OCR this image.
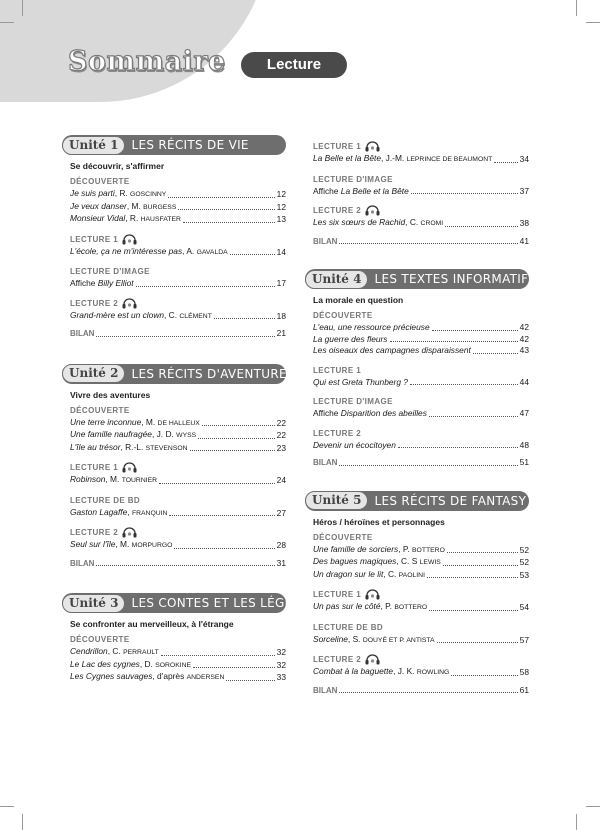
Sommaire	Lecture
Unité 1	LES RÉCITS DE VIE
Se découvrir, s'affirmer
DÉCOUVERTE
Je suis parti, R. GOSCINNY	12
Je veux danser, M. BURGESS	12
Monsieur Vidal, R. HAUSFATER	13
LECTURE 1
L'école, ça ne m'intéresse pas, A. GAVALDA	14
LECTURE D'IMAGE
Affiche Billy Elliot	17
LECTURE 2
Grand-mère est un clown, C. CLÉMENT	18
BILAN	21
Unité 2	LES RÉCITS D'AVENTURES
Vivre des aventures
DÉCOUVERTE
Une terre inconnue, M. DE HALLEUX	22
Une famille naufragée, J. D. WYSS	22
L'île au trésor, R.-L. STEVENSON	23
LECTURE 1
Robinson, M. TOURNIER	24
LECTURE DE BD
Gaston Lagaffe, FRANQUIN	27
LECTURE 2
Seul sur l'île, M. MORPURGO	28
BILAN	31
Unité 3	LES CONTES ET LES LÉGENDES
Se confronter au merveilleux, à l'étrange
DÉCOUVERTE
Cendrillon, C. PERRAULT	32
Le Lac des cygnes, D. SOROKINE	32
Les Cygnes sauvages, d'après ANDERSEN	33
LECTURE 1
La Belle et la Bête, J.-M. LEPRINCE DE BEAUMONT	34
LECTURE D'IMAGE
Affiche La Belle et la Bête	37
LECTURE 2
Les six sœurs de Rachid, C. CROMI	38
BILAN	41
Unité 4	LES TEXTES INFORMATIFS
La morale en question
DÉCOUVERTE
L'eau, une ressource précieuse	42
La guerre des fleurs	42
Les oiseaux des campagnes disparaissent	43
LECTURE 1
Qui est Greta Thunberg ?	44
LECTURE D'IMAGE
Affiche Disparition des abeilles	47
LECTURE 2
Devenir un écocitoyen	48
BILAN	51
Unité 5	LES RÉCITS DE FANTASY
Héros / héroïnes et personnages
DÉCOUVERTE
Une famille de sorciers, P. BOTTERO	52
Des bagues magiques, C. S LEWIS	52
Un dragon sur le lit, C. PAOLINI	53
LECTURE 1
Un pas sur le côté, P. BOTTERO	54
LECTURE DE BD
Sorceline, S. DOUYÉ ET P. ANTISTA	57
LECTURE 2
Combat à la baguette, J. K. ROWLING	58
BILAN	61
